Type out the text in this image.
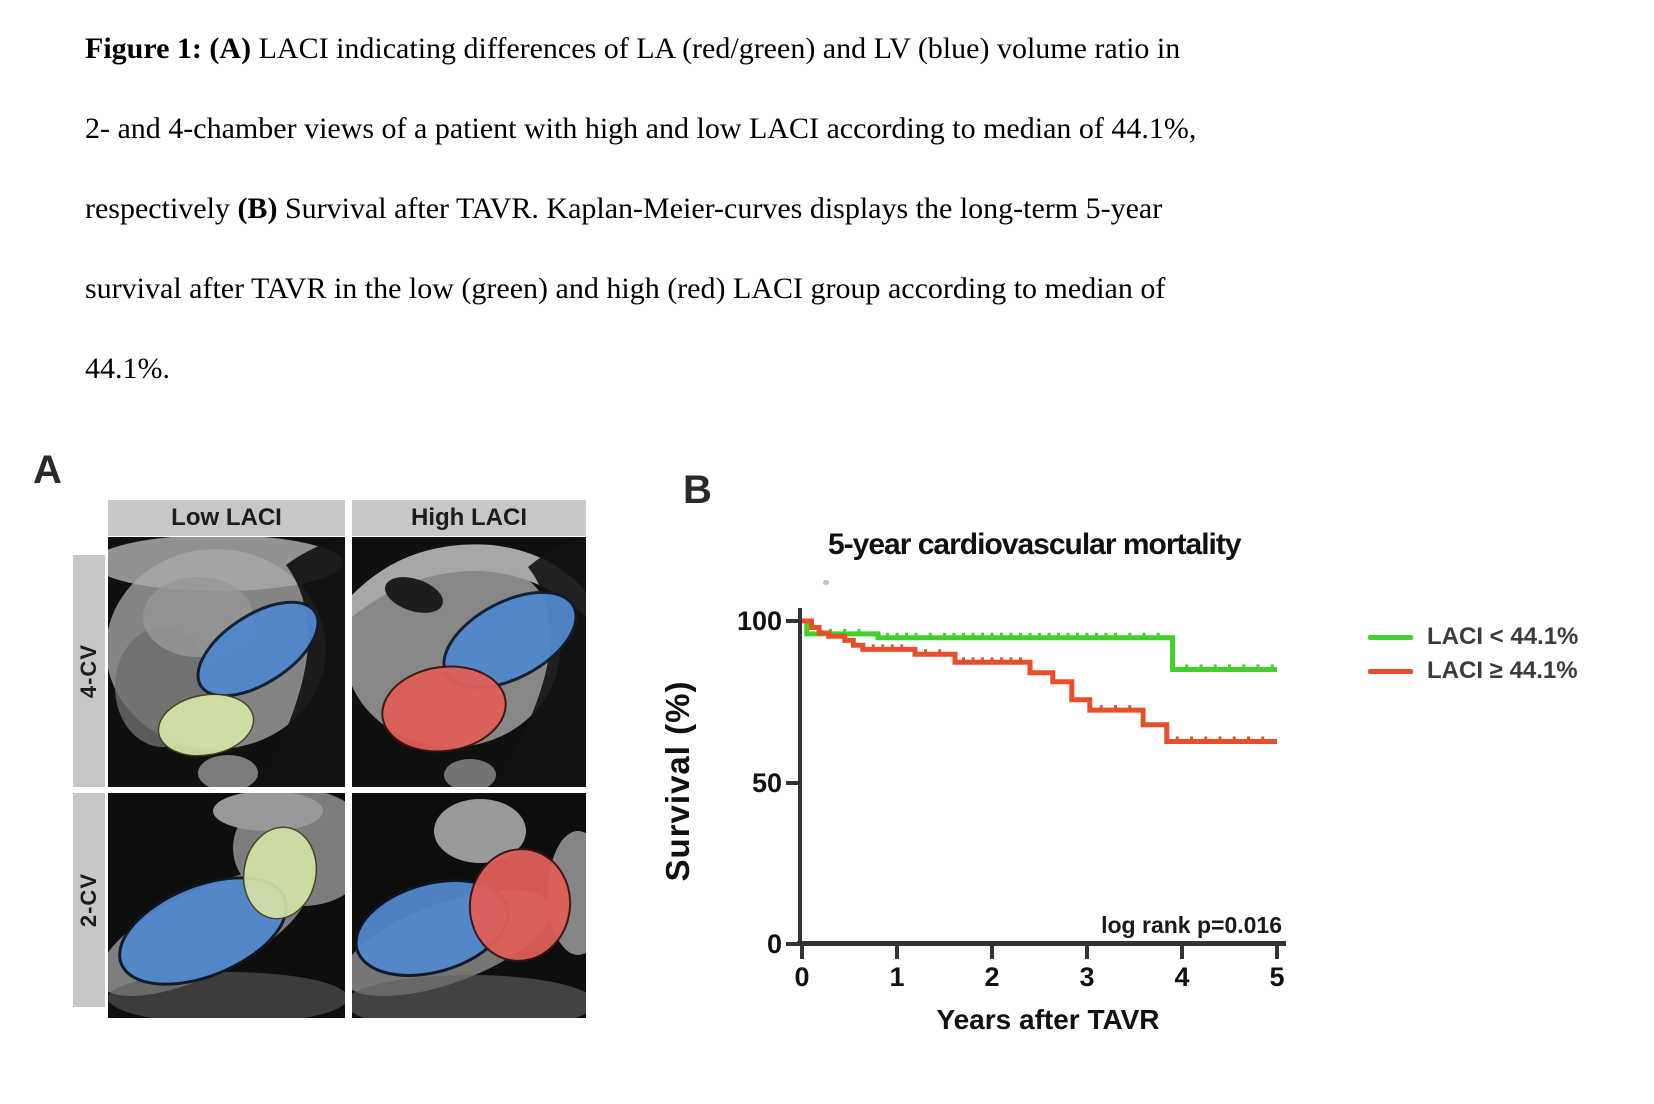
Figure 1: (A) LACI indicating differences of LA (red/green) and LV (blue) volume ratio in
2- and 4-chamber views of a patient with high and low LACI according to median of 44.1%,
respectively (B) Survival after TAVR. Kaplan-Meier-curves displays the long-term 5-year
survival after TAVR in the low (green) and high (red) LACI group according to median of
44.1%.
A	B
Low LACI	High LACI
4-CV
2-CV
5-year cardiovascular mortality
Survival (%)
Years after TAVR
0	1	2	3	4	5
100
50
0
log rank p=0.016
LACI < 44.1%
LACI ≥ 44.1%
